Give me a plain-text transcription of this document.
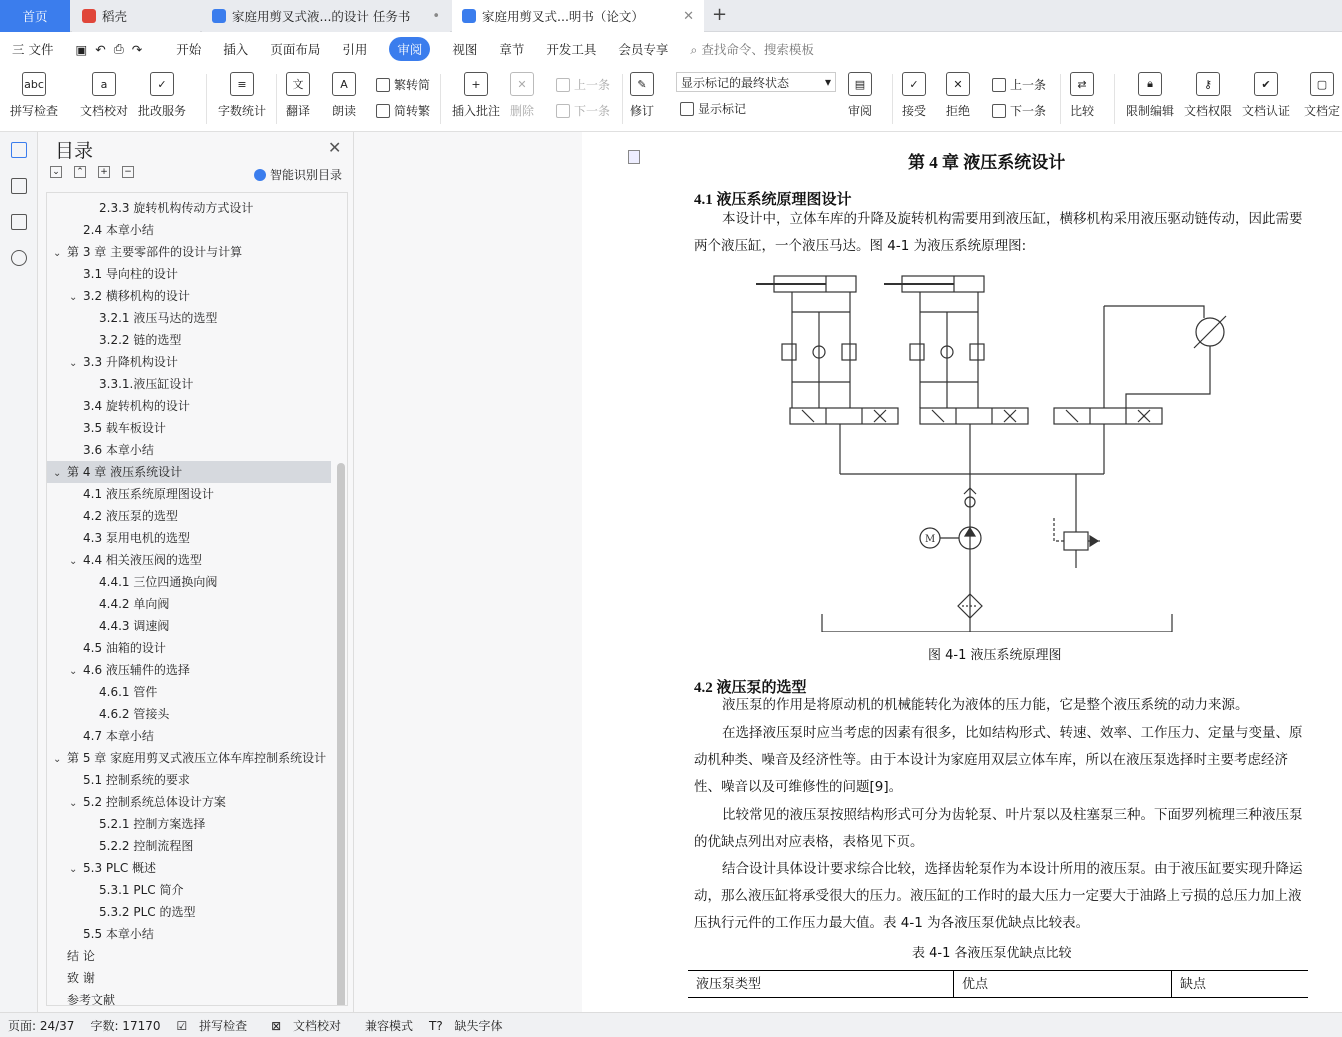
首页	稻壳	家庭用剪叉式液...的设计 任务书 •	家庭用剪叉式...明书（论文）	✕ +
三 文件 ▣ ↶ ⎙ ↷	开始 插入 页面布局 引用	审阅	视图 章节 开发工具 会员专享 ⌕ 查找命令、搜索模板
abc
拼写检查
a
文档校对
✓
批改服务
≡
字数统计
文
翻译
A
朗读
繁转简
简转繁
+
插入批注
✕
删除
上一条
下一条
✎
修订
显示标记的最终状态	▾
显示标记
▤
审阅
✓
接受
✕
拒绝
上一条
下一条
⇄
比较
🔒︎
限制编辑
⚷
文档权限
✔
文档认证
▢
文档定
目录	✕
⌄ ⌃ + −	智能识别目录
2.3.3 旋转机构传动方式设计
2.4 本章小结
⌄ 第 3 章 主要零部件的设计与计算
3.1 导向柱的设计
⌄ 3.2 横移机构的设计
3.2.1 液压马达的选型
3.2.2 链的选型
⌄ 3.3 升降机构设计
3.3.1.液压缸设计
3.4 旋转机构的设计
3.5 载车板设计
3.6 本章小结
⌄ 第 4 章 液压系统设计
4.1 液压系统原理图设计
4.2 液压泵的选型
4.3 泵用电机的选型
⌄ 4.4 相关液压阀的选型
4.4.1 三位四通换向阀
4.4.2 单向阀
4.4.3 调速阀
4.5 油箱的设计
⌄ 4.6 液压辅件的选择
4.6.1 管件
4.6.2 管接头
4.7 本章小结
⌄ 第 5 章 家庭用剪叉式液压立体车库控制系统设计
5.1 控制系统的要求
⌄ 5.2 控制系统总体设计方案
5.2.1 控制方案选择
5.2.2 控制流程图
⌄ 5.3 PLC 概述
5.3.1 PLC 简介
5.3.2 PLC 的选型
5.5 本章小结
结 论
致 谢
参考文献
第 4 章 液压系统设计
4.1 液压系统原理图设计
本设计中，立体车库的升降及旋转机构需要用到液压缸，横移机构采用液压驱动链传动，因此需要两个液压缸，一个液压马达。图 4-1 为液压系统原理图:
M
图 4-1 液压系统原理图
4.2 液压泵的选型
液压泵的作用是将原动机的机械能转化为液体的压力能，它是整个液压系统的动力来源。
在选择液压泵时应当考虑的因素有很多，比如结构形式、转速、效率、工作压力、定量与变量、原动机种类、噪音及经济性等。由于本设计为家庭用双层立体车库，所以在液压泵选择时主要考虑经济性、噪音以及可维修性的问题[9]。
比较常见的液压泵按照结构形式可分为齿轮泵、叶片泵以及柱塞泵三种。下面罗列梳理三种液压泵的优缺点列出对应表格，表格见下页。
结合设计具体设计要求综合比较，选择齿轮泵作为本设计所用的液压泵。由于液压缸要实现升降运动，那么液压缸将承受很大的压力。液压缸的工作时的最大压力一定要大于油路上亏损的总压力加上液压执行元件的工作压力最大值。表 4-1 为各液压泵优缺点比较表。
表 4-1 各液压泵优缺点比较
液压泵类型	优点	缺点
页面: 24/37 字数: 17170 ☑ 拼写检查	⊠ 文档校对	兼容模式 T? 缺失字体
